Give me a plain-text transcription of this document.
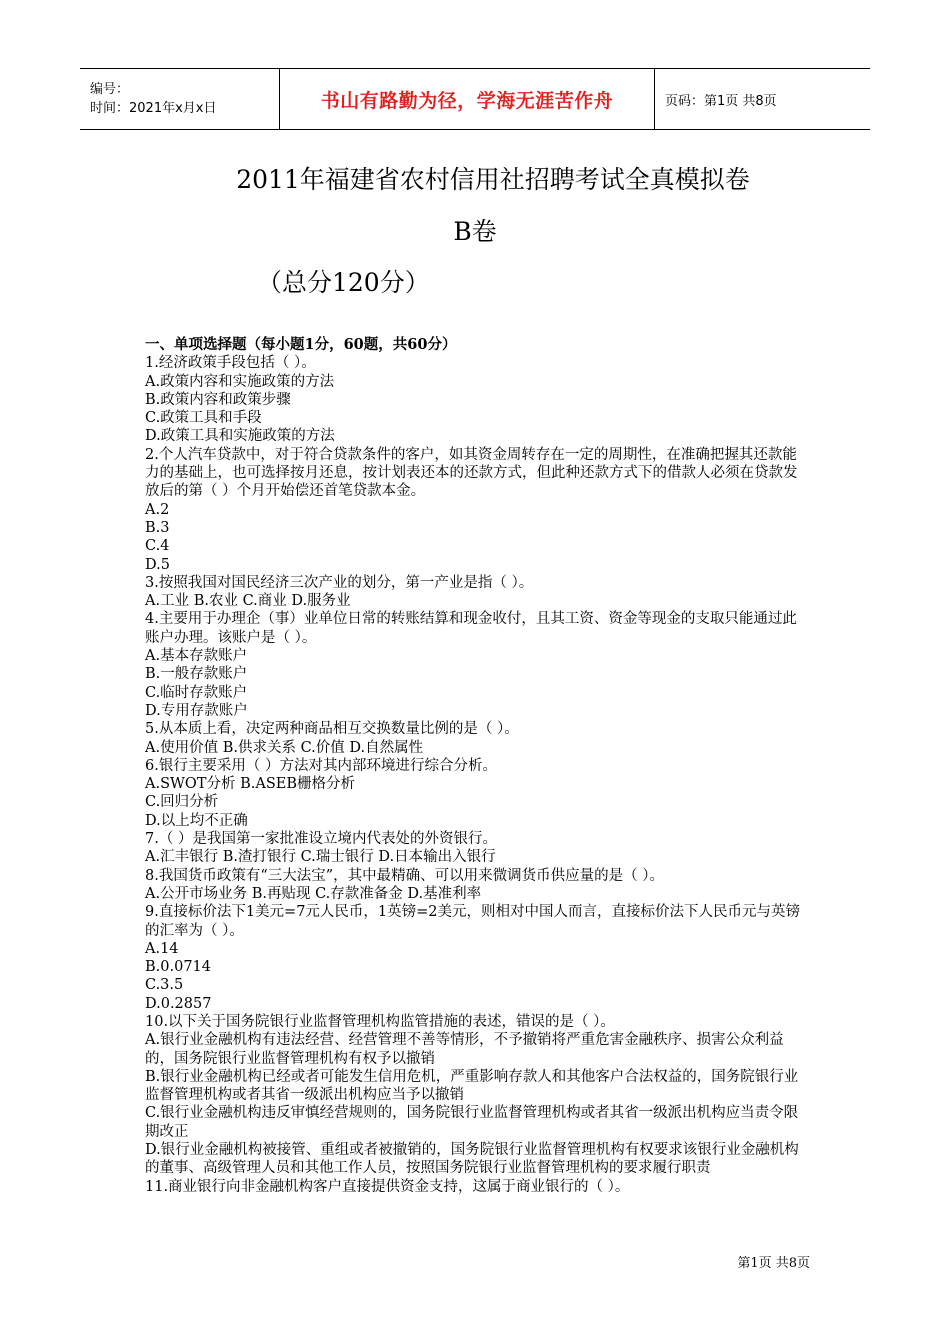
编号：
时间：2021年x月x日	书山有路勤为径，学海无涯苦作舟	页码：第1页 共8页
2011年福建省农村信用社招聘考试全真模拟卷
B卷
（总分120分）
一、单项选择题（每小题1分，60题，共60分）
1.经济政策手段包括（ ）。
A.政策内容和实施政策的方法
B.政策内容和政策步骤
C.政策工具和手段
D.政策工具和实施政策的方法
2.个人汽车贷款中，对于符合贷款条件的客户，如其资金周转存在一定的周期性，在准确把握其还款能力的基础上，也可选择按月还息，按计划表还本的还款方式，但此种还款方式下的借款人必须在贷款发放后的第（ ）个月开始偿还首笔贷款本金。
A.2
B.3
C.4
D.5
3.按照我国对国民经济三次产业的划分，第一产业是指（ ）。
A.工业 B.农业 C.商业 D.服务业
4.主要用于办理企（事）业单位日常的转账结算和现金收付，且其工资、资金等现金的支取只能通过此账户办理。该账户是（ ）。
A.基本存款账户
B.一般存款账户
C.临时存款账户
D.专用存款账户
5.从本质上看，决定两种商品相互交换数量比例的是（ ）。
A.使用价值 B.供求关系 C.价值 D.自然属性
6.银行主要采用（ ）方法对其内部环境进行综合分析。
A.SWOT分析 B.ASEB栅格分析
C.回归分析
D.以上均不正确
7.（ ）是我国第一家批准设立境内代表处的外资银行。
A.汇丰银行 B.渣打银行 C.瑞士银行 D.日本输出入银行
8.我国货币政策有“三大法宝”，其中最精确、可以用来微调货币供应量的是（ ）。
A.公开市场业务 B.再贴现 C.存款准备金 D.基准利率
9.直接标价法下1美元=7元人民币，1英镑=2美元，则相对中国人而言，直接标价法下人民币元与英镑的汇率为（ ）。
A.14
B.0.0714
C.3.5
D.0.2857
10.以下关于国务院银行业监督管理机构监管措施的表述，错误的是（ ）。
A.银行业金融机构有违法经营、经营管理不善等情形，不予撤销将严重危害金融秩序、损害公众利益的，国务院银行业监督管理机构有权予以撤销
B.银行业金融机构已经或者可能发生信用危机，严重影响存款人和其他客户合法权益的，国务院银行业监督管理机构或者其省一级派出机构应当予以撤销
C.银行业金融机构违反审慎经营规则的，国务院银行业监督管理机构或者其省一级派出机构应当责令限期改正
D.银行业金融机构被接管、重组或者被撤销的，国务院银行业监督管理机构有权要求该银行业金融机构的董事、高级管理人员和其他工作人员，按照国务院银行业监督管理机构的要求履行职责
11.商业银行向非金融机构客户直接提供资金支持，这属于商业银行的（ ）。
第1页 共8页
